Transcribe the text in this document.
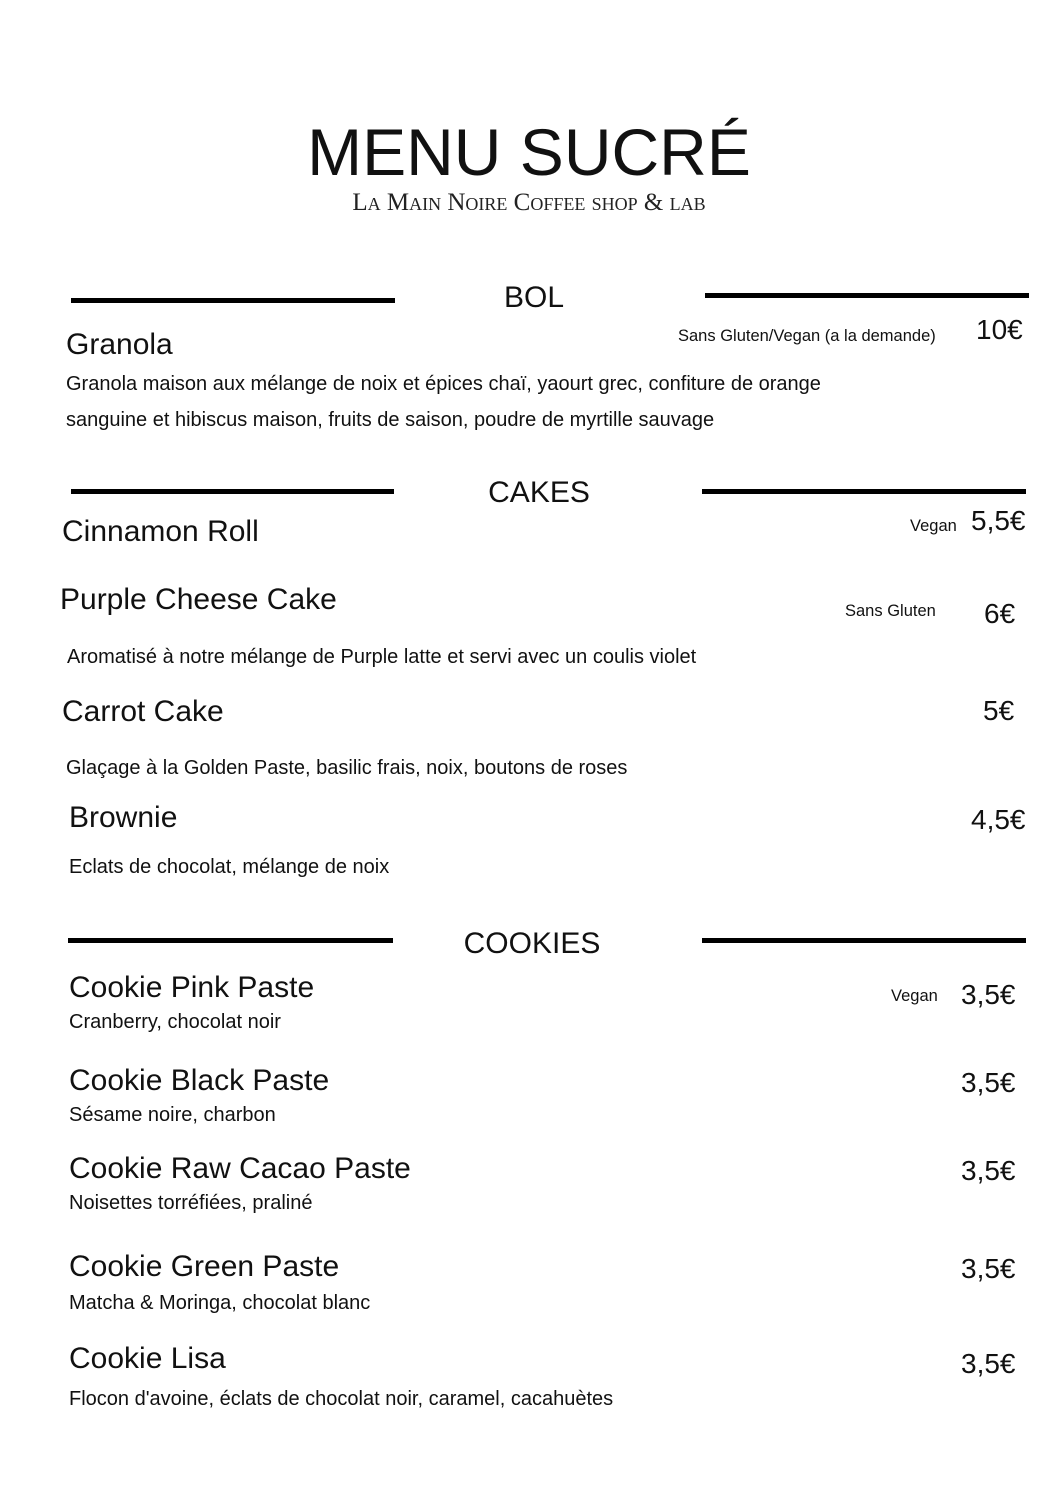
MENU SUCRÉ
La Main Noire Coffee shop & lab
BOL
Granola	Sans Gluten/Vegan (a la demande) 10€
Granola maison aux mélange de noix et épices chaï, yaourt grec, confiture de orange
sanguine et hibiscus maison, fruits de saison, poudre de myrtille sauvage
CAKES
Cinnamon Roll	Vegan 5,5€
Purple Cheese Cake	Sans Gluten 6€
Aromatisé à notre mélange de Purple latte et servi avec un coulis violet
Carrot Cake	5€
Glaçage à la Golden Paste, basilic frais, noix, boutons de roses
Brownie	4,5€
Eclats de chocolat, mélange de noix
COOKIES
Cookie Pink Paste	Vegan 3,5€
Cranberry, chocolat noir
Cookie Black Paste	3,5€
Sésame noire, charbon
Cookie Raw Cacao Paste	3,5€
Noisettes torréfiées, praliné
Cookie Green Paste	3,5€
Matcha & Moringa, chocolat blanc
Cookie Lisa	3,5€
Flocon d'avoine, éclats de chocolat noir, caramel, cacahuètes
